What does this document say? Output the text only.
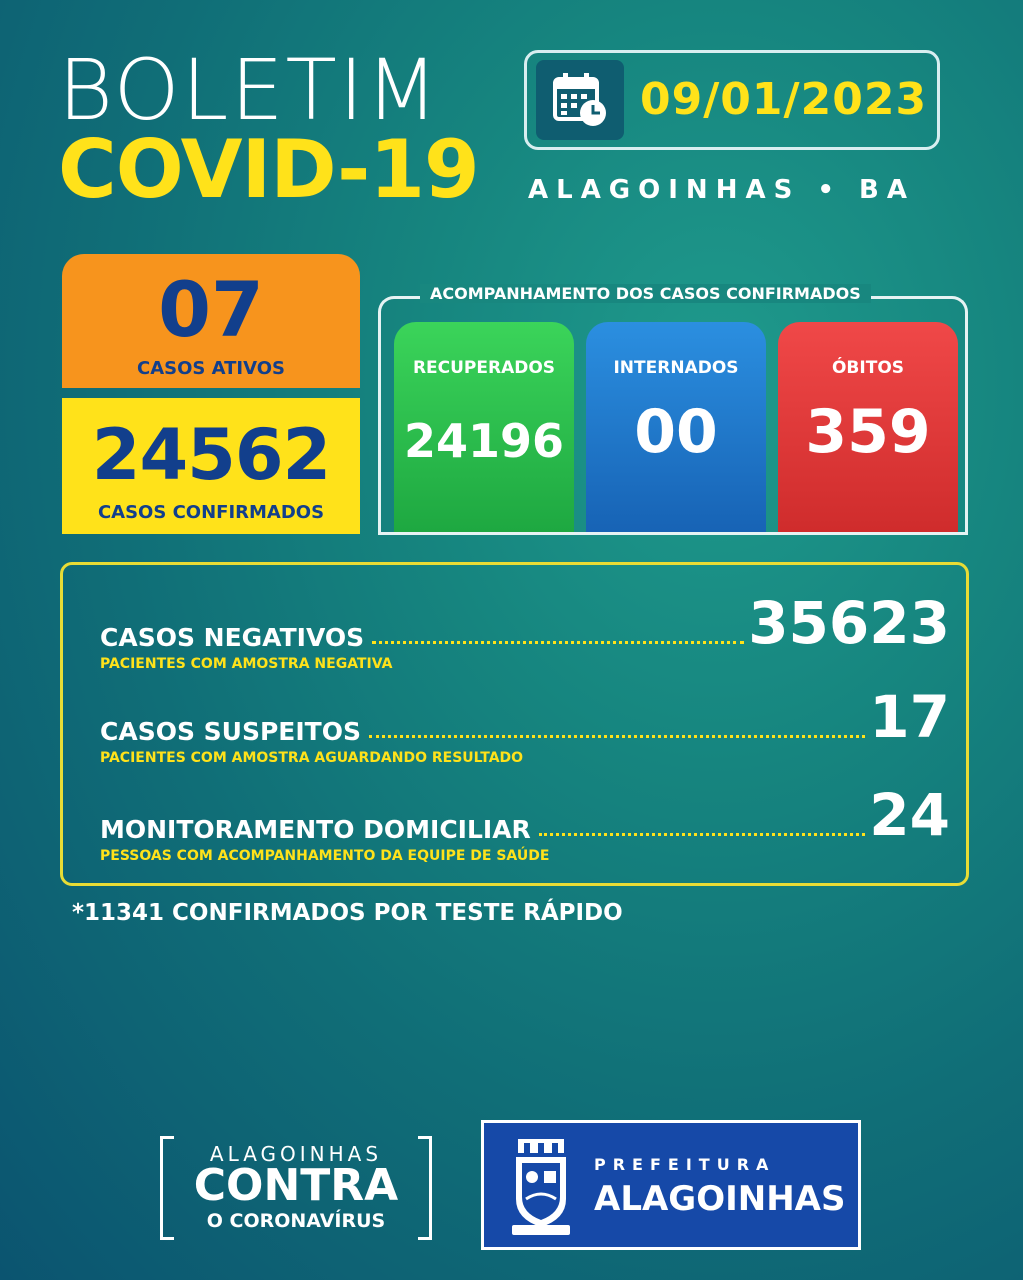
BOLETIM
COVID-19
09/01/2023
ALAGOINHAS • BA
07
CASOS ATIVOS
24562
CASOS CONFIRMADOS
ACOMPANHAMENTO DOS CASOS CONFIRMADOS
RECUPERADOS
24196
INTERNADOS
00
ÓBITOS
359
CASOS NEGATIVOS	35623
PACIENTES COM AMOSTRA NEGATIVA
CASOS SUSPEITOS	17
PACIENTES COM AMOSTRA AGUARDANDO RESULTADO
MONITORAMENTO DOMICILIAR	24
PESSOAS COM ACOMPANHAMENTO DA EQUIPE DE SAÚDE
*11341 CONFIRMADOS POR TESTE RÁPIDO
ALAGOINHAS
CONTRA
O CORONAVÍRUS
PREFEITURA
ALAGOINHAS
